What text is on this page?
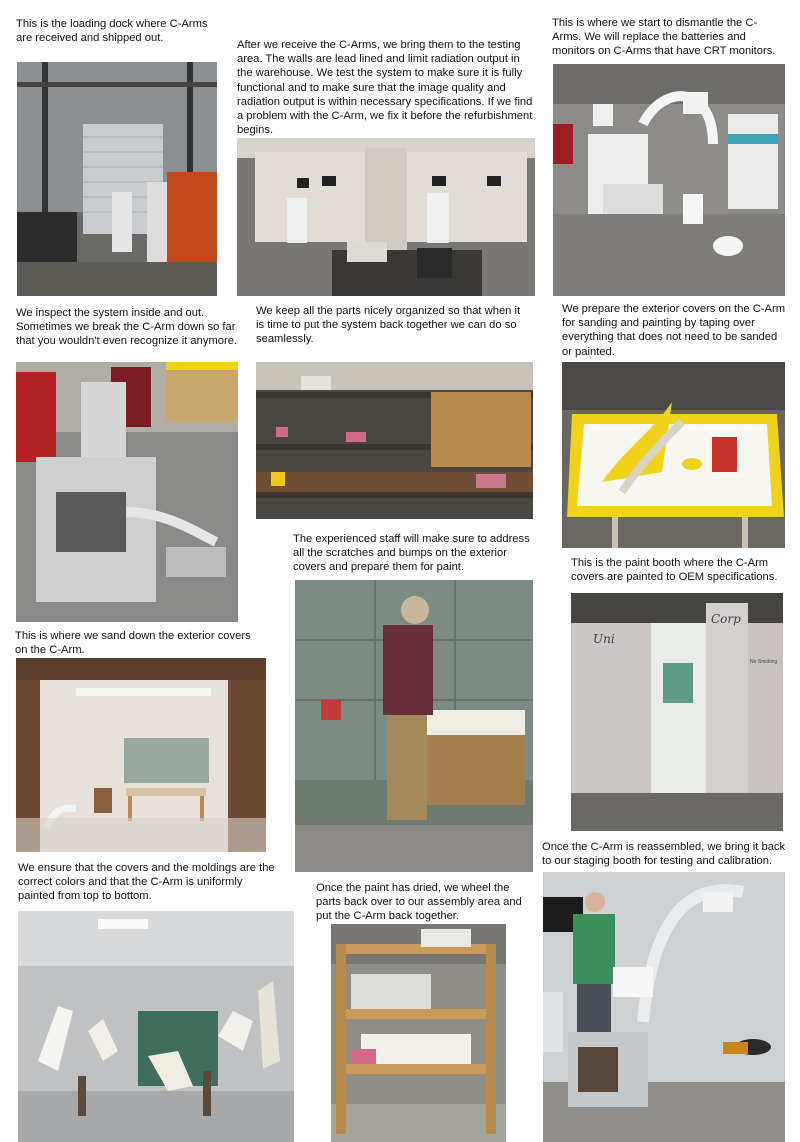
This is the loading dock where C-Arms are received and shipped out.
After we receive the C-Arms, we bring them to the testing area. The walls are lead lined and limit radiation output in the warehouse. We test the system to make sure it is fully functional and to make sure that the image quality and radiation output is within necessary specifications. If we find a problem with the C-Arm, we fix it before the refurbishment begins.
This is where we start to dismantle the C-Arms. We will replace the batteries and monitors on C-Arms that have CRT monitors.
We inspect the system inside and out. Sometimes we break the C-Arm down so far that you wouldn't even recognize it anymore.
We keep all the parts nicely organized so that when it is time to put the system back together we can do so seamlessly.
We prepare the exterior covers on the C-Arm for sanding and painting by taping over everything that does not need to be sanded or painted.
The experienced staff will make sure to address all the scratches and bumps on the exterior covers and prepare them for paint.	This is the paint booth where the C-Arm covers are painted to OEM specifications.
Uni
Corp
No Smoking
This is where we sand down the exterior covers on the C-Arm.
Once the C-Arm is reassembled, we bring it back to our staging booth for testing and calibration.
We ensure that the covers and the moldings are the correct colors and that the C-Arm is uniformly painted from top to bottom.
Once the paint has dried, we wheel the parts back over to our assembly area and put the C-Arm back together.
